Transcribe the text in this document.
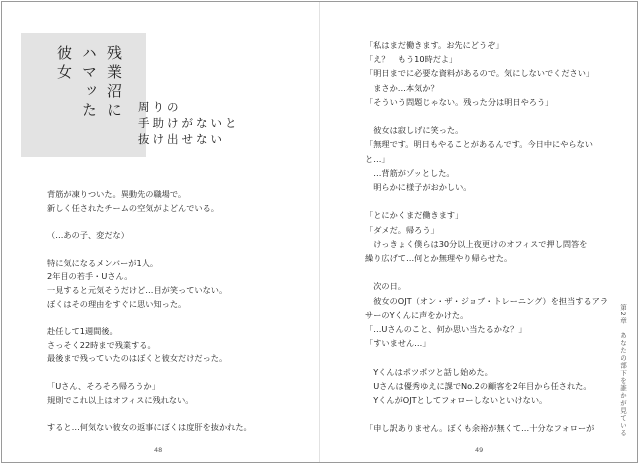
残業沼に
ハマッた
彼女
周りの
手助けがないと
抜け出せない
背筋が凍りついた。異動先の職場で。
新しく任されたチームの空気がよどんでいる。
（…あの子、変だな）
特に気になるメンバーが1人。
2年目の若手・Uさん。
一見すると元気そうだけど…目が笑っていない。
ぼくはその理由をすぐに思い知った。
赴任して1週間後。
さっそく22時まで残業する。
最後まで残っていたのはぼくと彼女だけだった。
「Uさん、そろそろ帰ろうか」
規則でこれ以上はオフィスに残れない。
すると…何気ない彼女の返事にぼくは度肝を抜かれた。
48
「私はまだ働きます。お先にどうぞ」
「え？　もう10時だよ」
「明日までに必要な資料があるので。気にしないでください」
　まさか…本気か？
「そういう問題じゃない。残った分は明日やろう」
　彼女は寂しげに笑った。
「無理です。明日もやることがあるんです。今日中にやらない
と…」
　…背筋がゾッとした。
　明らかに様子がおかしい。
「とにかくまだ働きます」
「ダメだ。帰ろう」
　けっきょく僕らは30分以上夜更けのオフィスで押し問答を
繰り広げて…何とか無理やり帰らせた。
　次の日。
　彼女のOJT（オン・ザ・ジョブ・トレーニング）を担当するアラ
サーのYくんに声をかけた。
「…Uさんのこと、何か思い当たるかな？」
「すいません…」
　Yくんはポツポツと話し始めた。
　Uさんは優秀ゆえに課でNo.2の顧客を2年目から任された。
　YくんがOJTとしてフォローしないといけない。
「申し訳ありません。ぼくも余裕が無くて…十分なフォローが
49
第2章　あなたの部下を誰かが見ている
